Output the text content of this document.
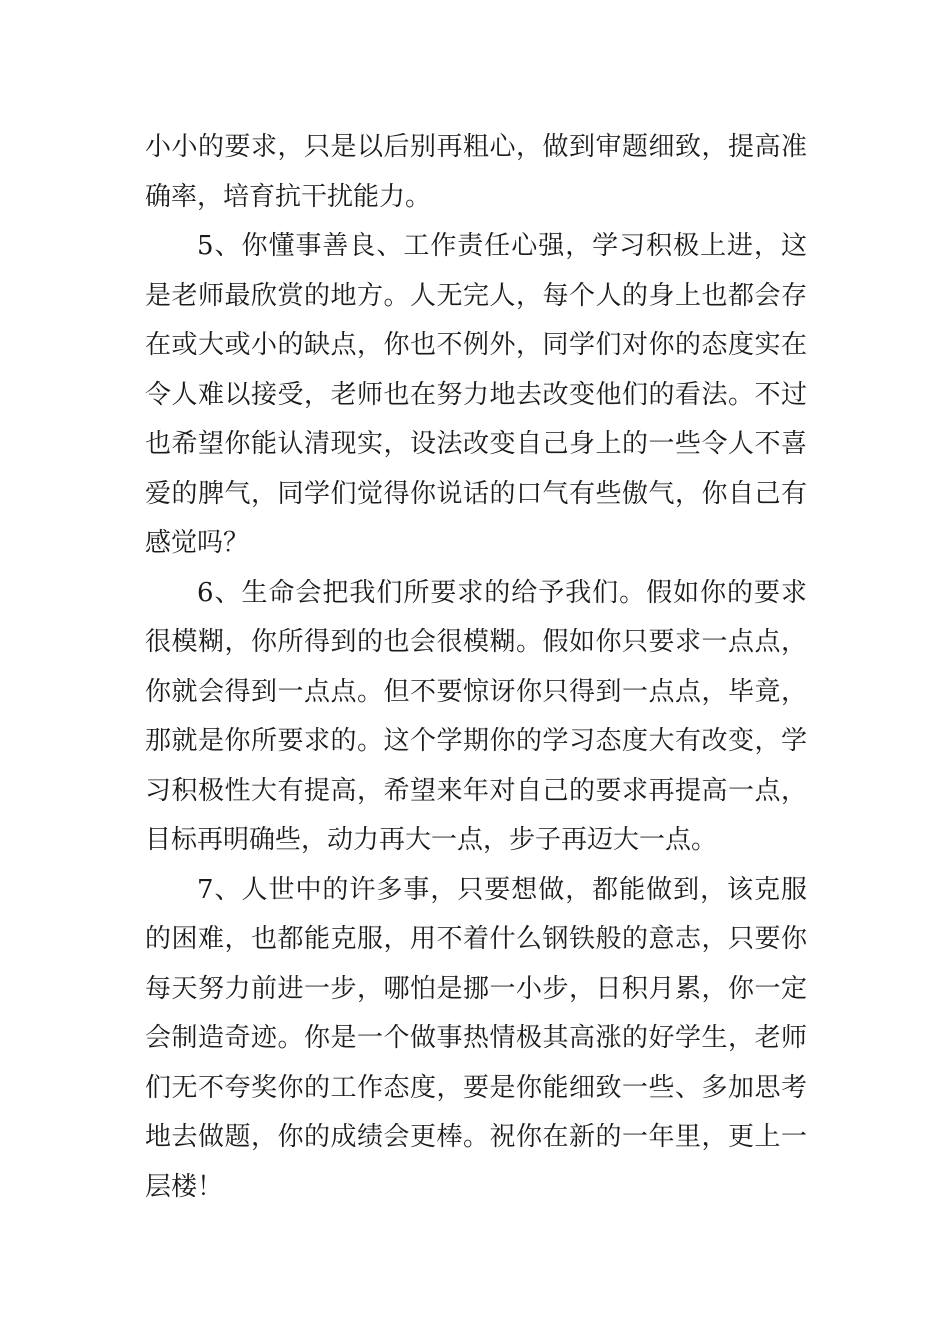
小小的要求，只是以后别再粗心，做到审题细致，提高准确率，培育抗干扰能力。

5、你懂事善良、工作责任心强，学习积极上进，这是老师最欣赏的地方。人无完人，每个人的身上也都会存在或大或小的缺点，你也不例外，同学们对你的态度实在令人难以接受，老师也在努力地去改变他们的看法。不过也希望你能认清现实，设法改变自己身上的一些令人不喜爱的脾气，同学们觉得你说话的口气有些傲气，你自己有感觉吗？

6、生命会把我们所要求的给予我们。假如你的要求很模糊，你所得到的也会很模糊。假如你只要求一点点，你就会得到一点点。但不要惊讶你只得到一点点，毕竟，那就是你所要求的。这个学期你的学习态度大有改变，学习积极性大有提高，希望来年对自己的要求再提高一点，目标再明确些，动力再大一点，步子再迈大一点。

7、人世中的许多事，只要想做，都能做到，该克服的困难，也都能克服，用不着什么钢铁般的意志，只要你每天努力前进一步，哪怕是挪一小步，日积月累，你一定会制造奇迹。你是一个做事热情极其高涨的好学生，老师们无不夸奖你的工作态度，要是你能细致一些、多加思考地去做题，你的成绩会更棒。祝你在新的一年里，更上一层楼！
